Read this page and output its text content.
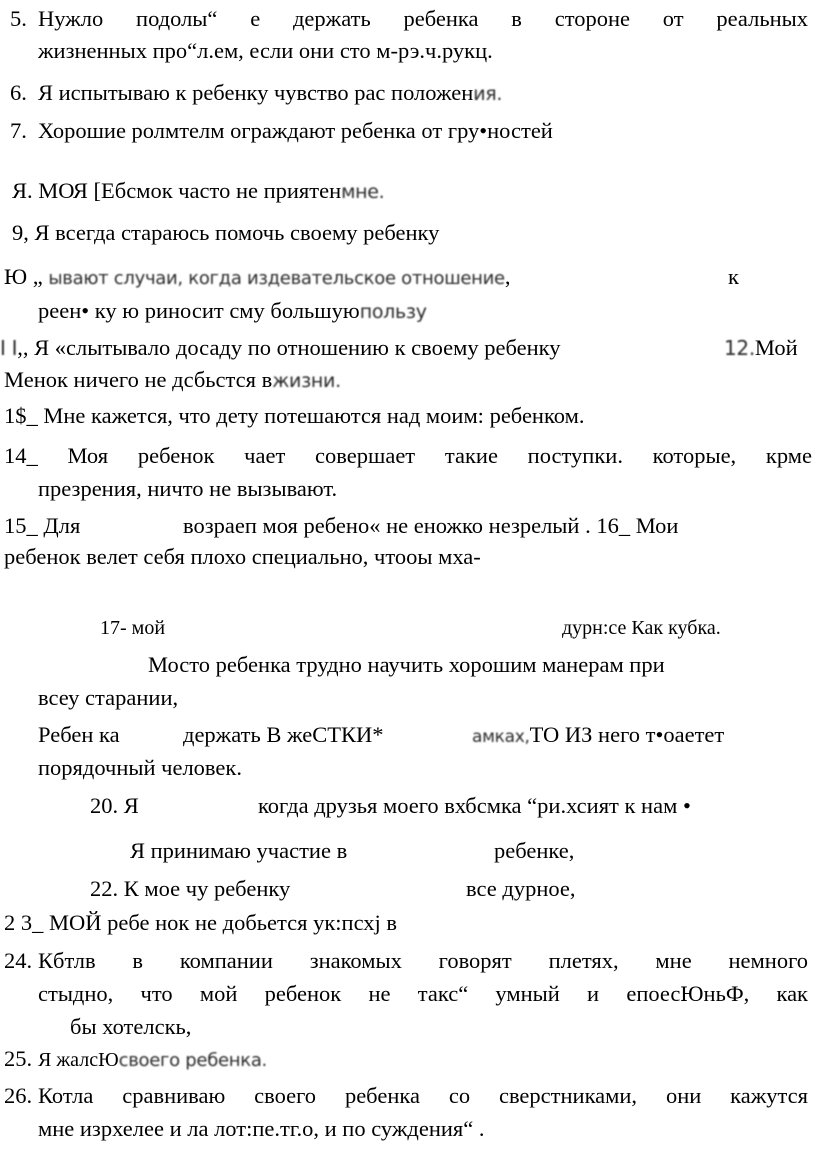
5. Нужло подолы“ е держать ребенка в стороне от реальных
жизненных про“л.ем, если они сто м-рэ.ч.рукц.
6. Я испытываю к ребенку чувство рас положения.
7. Хорошие ролмтелм ограждают ребенка от гру•ностей
Я. МОЯ [Ебсмок часто не приятенмне.
9, Я всегда стараюсь помочь своему ребенку
Ю „ ывают случаи, когда издевательское отношение,	к
реен• ку ю риносит сму большуюпользу
I I,, Я «слытывало досаду по отношению к своему ребенку	12.Мой
Менок ничего не дсбьстся вжизни.
1$_ Мне кажется, что дету потешаются над моим: ребенком.
14_ Моя ребенок чает совершает такие поступки. которые, крме
презрения, ничто не вызывают.
15_ Для	возраеп моя ребено« не еножко незрелый . 16_ Мои
ребенок велет себя плохо специально, чтооы мха-
17- мой	дурн:се Как кубка.
Мосто ребенка трудно научить хорошим манерам при
всеу старании,
Ребен ка	держать В жеСТКИ*	амках,ТО ИЗ него т•оаетет
порядочный человек.
20. Я	когда друзья моего вхбсмка “ри.хсият к нам •
Я принимаю участие в	ребенке,
22. К мое чу ребенку	все дурное,
2 3_ МОЙ ребе нок не добьется ук:псхj в
24. Кбтлв в компании знакомых говорят плетях, мне немного
стыдно, что мой ребенок не такс“ умный и епоесЮньФ, как
бы хотелскь,
25. Я жалсЮсвоего ребенка.
26. Котла сравниваю своего ребенка со сверстниками, они кажутся
мне изрхелее и ла лот:пе.тг.о, и по суждения“ .
